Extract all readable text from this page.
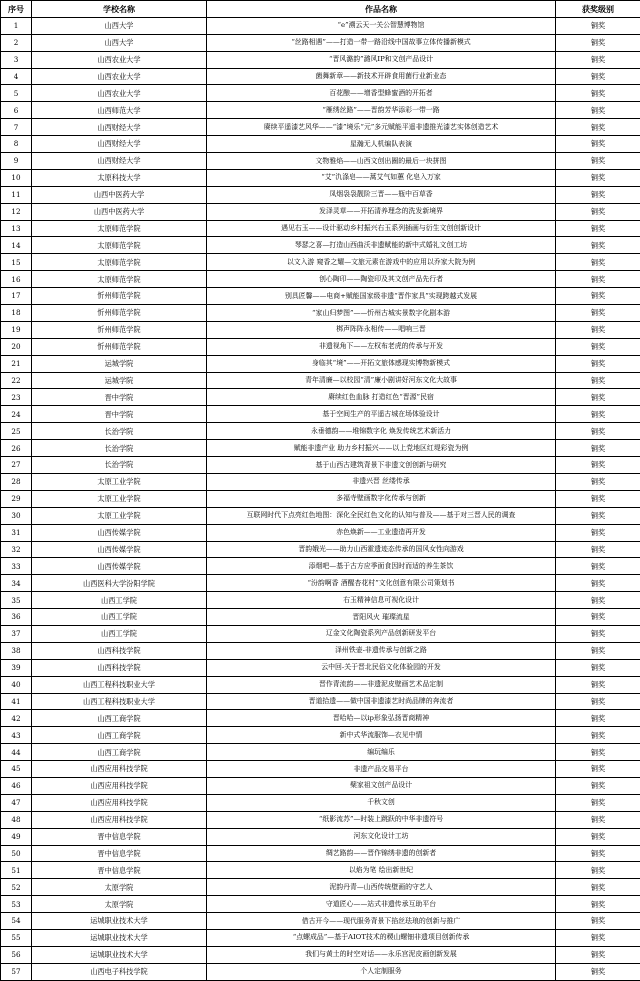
序号	学校名称	作品名称	获奖级别
1	山西大学	“e”溯云天一关公智慧博物馆	铜奖
2	山西大学	“丝路相遇”——打造一带一路沿线中国故事立体传播新模式	铜奖
3	山西农业大学	“晋风潞韵”潞风IP和文创产品设计	铜奖
4	山西农业大学	菌舞新章——新技术开辟食用菌行业新业态	铜奖
5	山西农业大学	百花酿——增香型蜂蜜酒的开拓者	铜奖
6	山西师范大学	“雁绣丝路”——晋韵芳华添彩一带一路	铜奖
7	山西财经大学	赓续平遥漆艺风华——“漆”境乐“元”多元赋能平遥非遗推光漆艺实体创造艺术	铜奖
8	山西财经大学	星瀚无人机编队表演	铜奖
9	山西财经大学	文物雅焰——山西文创出圈的最后一块拼图	铜奖
10	太原科技大学	“艾”氿涤皂——蒿艾气如蕙 化皂入万家	铜奖
11	山西中医药大学	凤烟袅袅靓阶三晋——瓶中百草香	铜奖
12	山西中医药大学	发泽灵草——开拓清养理念的洗发新境界	铜奖
13	太原师范学院	遇见右玉——设计驱动乡村振兴右玉系列插画与衍生文创创新设计	铜奖
14	太原师范学院	琴瑟之喜—打造山西曲沃非遗赋能的新中式婚礼文创工坊	铜奖
15	太原师范学院	以文入游 窥香之耀—文旅元素在游戏中的应用以乔家大院为例	铜奖
16	太原师范学院	创心陶印——陶瓷印及其文创产品先行者	铜奖
17	忻州师范学院	别具匠馨——电商+赋能国家级非遗“晋作家具”实现跨越式发展	铜奖
18	忻州师范学院	“家山归梦图”——忻州古城实景数字化剧本游	铜奖
19	忻州师范学院	梆声阵阵永相传——唱响三晋	铜奖
20	忻州师范学院	非遗视角下——左权布老虎的传承与开发	铜奖
21	运城学院	身临其“境”——开拓文旅体感现实博物新模式	铜奖
22	运城学院	青年清廉—以校园“清”廉小剧讲好河东文化大故事	铜奖
23	晋中学院	赓续红色血脉 打造红色“晋源”民宿	铜奖
24	晋中学院	基于空间生产的平遥古城在场体验设计	铜奖
25	长治学院	永垂德韵——堆锦数字化 焕发传统艺术新活力	铜奖
26	长治学院	赋能非遗产业 助力乡村振兴——以上党地区红堤彩瓷为例	铜奖
27	长治学院	基于山西古建筑背景下非遗文创创新与研究	铜奖
28	太原工业学院	非遗兴晋 丝缕传承	铜奖
29	太原工业学院	多福寺壁画数字化传承与创新	铜奖
30	太原工业学院	互联网时代下点亮红色地图：深化全民红色文化的认知与普及——基于对三晋人民的调查	铜奖
31	山西传媒学院	赤色焕新——工业遗造再开发	铜奖
32	山西传媒学院	晋韵娥光——助力山西霍遗迹态传承的国风女性向游戏	铜奖
33	山西传媒学院	添烟吧—基于古方应季面食因时而适的养生茶饮	铜奖
34	山西医科大学汾阳学院	“汾韵啊香 酒醒杏花村”文化创意有限公司策划书	铜奖
35	山西工学院	右玉精神信息可视化设计	铜奖
36	山西工学院	晋阳风火 璀璨流星	铜奖
37	山西工学院	辽金文化陶瓷系列产品创新研发平台	铜奖
38	山西科技学院	泽州铁壶-非遗传承与创新之路	铜奖
39	山西科技学院	云中回-关于晋北民俗文化体验园的开发	铜奖
40	山西工程科技职业大学	晋作青流韵——非遗泥皮壁画艺术品定制	铜奖
41	山西工程科技职业大学	晋道拾遗——做中国非遗漆艺时尚品牌的奔流者	铜奖
42	山西工商学院	晋哈哈—以ip形象弘扬晋商精神	铜奖
43	山西工商学院	新中式华流服饰—衣见中情	铜奖
44	山西工商学院	编玩编乐	铜奖
45	山西应用科技学院	非遗产品交易平台	铜奖
46	山西应用科技学院	檗家祖文创产品设计	铜奖
47	山西应用科技学院	千秋文创	铜奖
48	山西应用科技学院	“纸影流苏”—时装上跳跃的中华非遗符号	铜奖
49	晋中信息学院	河东文化设计工坊	铜奖
50	晋中信息学院	绸艺路韵——晋作锦绣非遗的创新者	铜奖
51	晋中信息学院	以焰为笔 绘出新世纪	铜奖
52	太原学院	泥韵丹青—山西传统壁画的守艺人	铜奖
53	太原学院	守道匠心——站式非遗传承互助平台	铜奖
54	运城职业技术大学	借古开今——现代服务背景下掐丝珐琅的创新与推广	铜奖
55	运城职业技术大学	“点螺成品”—基于AIOT技术的稷山螺钿非遗项目创新传承	铜奖
56	运城职业技术大学	我们与黄土的时空对话——永乐宫泥皮画创新发展	铜奖
57	山西电子科技学院	个人定制服务	铜奖
